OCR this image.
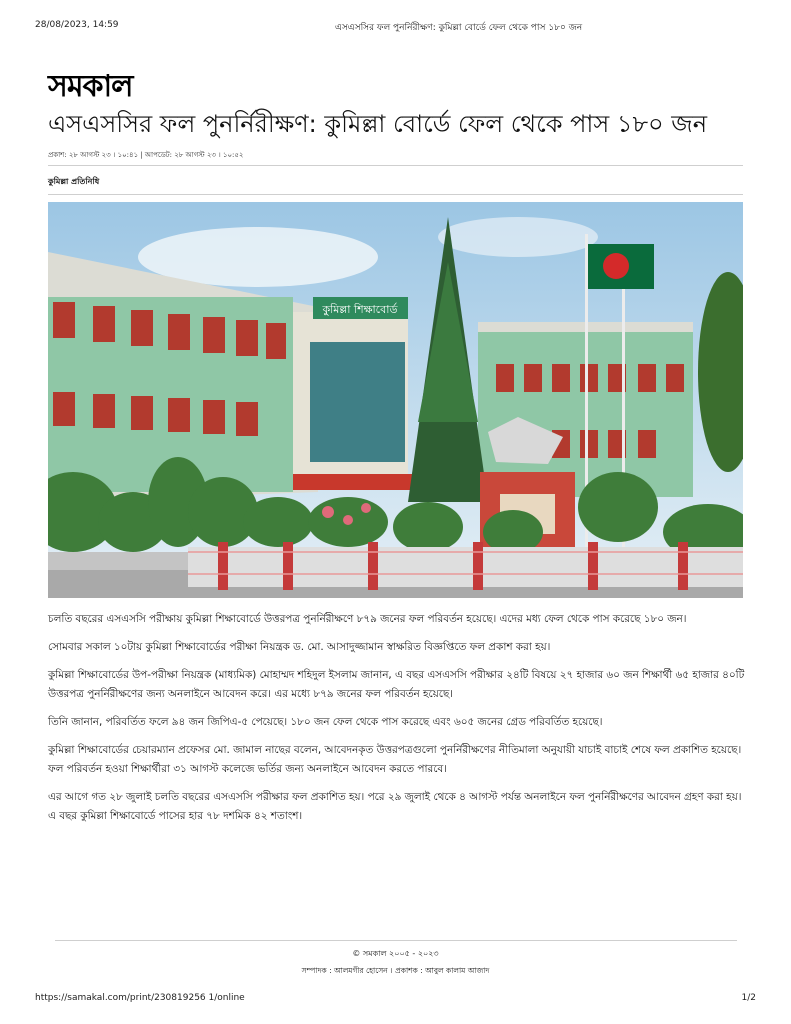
28/08/2023, 14:59	এসএসসির ফল পুনর্নিরীক্ষণ: কুমিল্লা বোর্ডে ফেল থেকে পাস ১৮০ জন
সমকাল
এসএসসির ফল পুনর্নিরীক্ষণ: কুমিল্লা বোর্ডে ফেল থেকে পাস ১৮০ জন
প্রকাশ: ২৮ আগস্ট ২৩ । ১০:৪১ | আপডেট: ২৮ আগস্ট ২৩ । ১০:৫২
কুমিল্লা প্রতিনিধি
কুমিল্লা শিক্ষাবোর্ড

চলতি বছরের এসএসসি পরীক্ষায় কুমিল্লা শিক্ষাবোর্ডে উত্তরপত্র পুনর্নিরীক্ষণে ৮৭৯ জনের ফল পরিবর্তন হয়েছে। এদের মধ্য ফেল থেকে পাস করেছে ১৮০ জন।

সোমবার সকাল ১০টায় কুমিল্লা শিক্ষাবোর্ডের পরীক্ষা নিয়ন্ত্রক ড. মো. আসাদুজ্জামান স্বাক্ষরিত বিজ্ঞপ্তিতে ফল প্রকাশ করা হয়।

কুমিল্লা শিক্ষাবোর্ডের উপ-পরীক্ষা নিয়ন্ত্রক (মাধ্যমিক) মোহাম্মদ শহিদুল ইসলাম জানান, এ বছর এসএসসি পরীক্ষার ২৪টি বিষয়ে ২৭ হাজার ৬০ জন শিক্ষার্থী ৬৫ হাজার ৪০টি উত্তরপত্র পুনর্নিরীক্ষণের জন্য অনলাইনে আবেদন করে। এর মধ্যে ৮৭৯ জনের ফল পরিবর্তন হয়েছে।

তিনি জানান, পরিবর্তিত ফলে ৯৪ জন জিপিএ-৫ পেয়েছে। ১৮০ জন ফেল থেকে পাস করেছে এবং ৬০৫ জনের গ্রেড পরিবর্তিত হয়েছে।

কুমিল্লা শিক্ষাবোর্ডের চেয়ারম্যান প্রফেসর মো. জামাল নাছের বলেন, আবেদনকৃত উত্তরপত্রগুলো পুনর্নিরীক্ষণের নীতিমালা অনুযায়ী যাচাই বাচাই শেষে ফল প্রকাশিত হয়েছে। ফল পরিবর্তন হওয়া শিক্ষার্থীরা ৩১ আগস্ট কলেজে ভর্তির জন্য অনলাইনে আবেদন করতে পারবে।

এর আগে গত ২৮ জুলাই চলতি বছরের এসএসসি পরীক্ষার ফল প্রকাশিত হয়। পরে ২৯ জুলাই থেকে ৪ আগস্ট পর্যন্ত অনলাইনে ফল পুনর্নিরীক্ষণের আবেদন গ্রহণ করা হয়। এ বছর কুমিল্লা শিক্ষাবোর্ডে পাসের হার ৭৮ দশমিক ৪২ শতাংশ।

© সমকাল ২০০৫ - ২০২৩
সম্পাদক : আলমগীর হোসেন । প্রকাশক : আবুল কালাম আজাদ
https://samakal.com/print/230819256 1/online	1/2
